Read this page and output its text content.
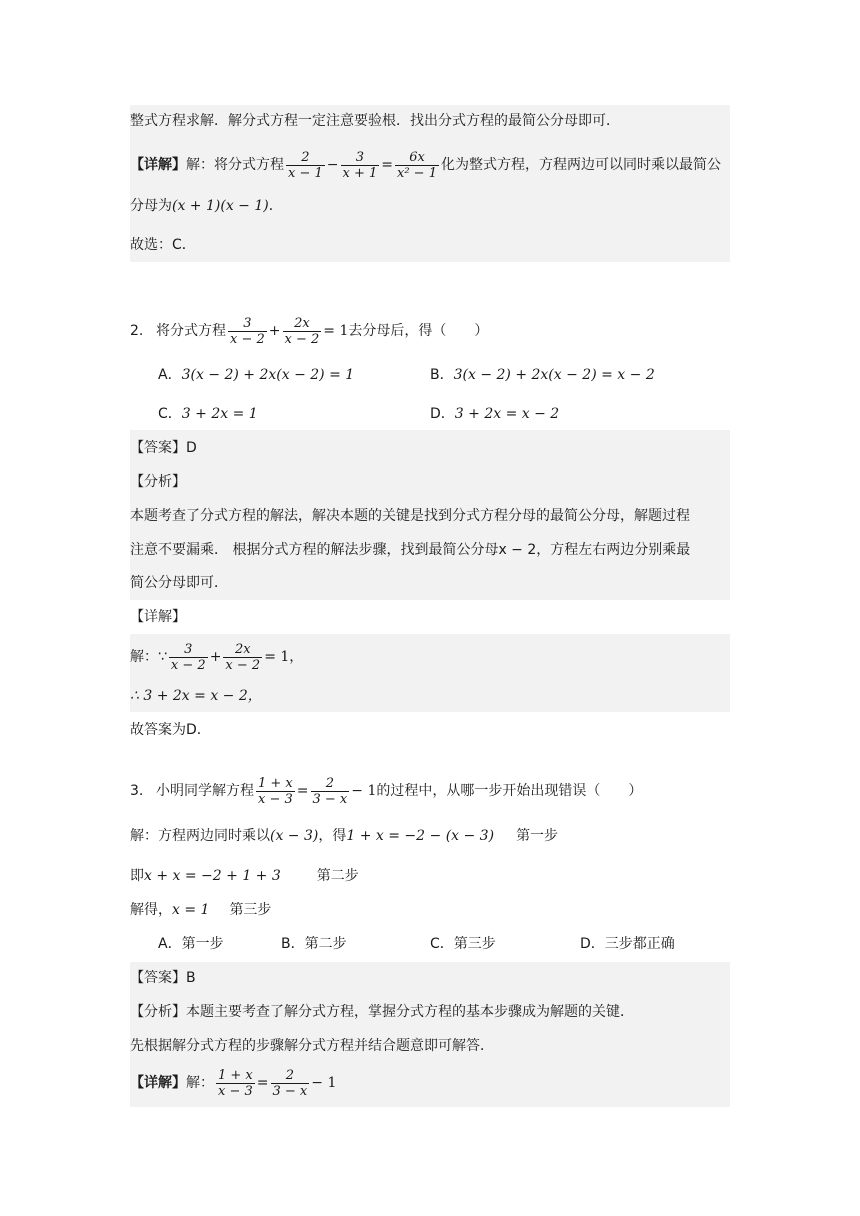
整式方程求解．解分式方程一定注意要验根．找出分式方程的最简公分母即可．
【详解】解：将分式方程 $\frac{2}{x - 1} - \frac{3}{x + 1} = \frac{6x}{\text{x² − 1}}$ 化为整式方程，方程两边可以同时乘以最简公
分母为(x + 1)(x − 1)．
故选：C．
2. 将分式方程 $\frac{3}{x - 2} + \frac{2x}{x - 2} = 1$去分母后，得（　　）
A．3(x − 2) + 2x(x − 2) = 1	B．3(x − 2) + 2x(x − 2) = x − 2
C．3 + 2x = 1	D．3 + 2x = x − 2
【答案】D
【分析】
本题考查了分式方程的解法，解决本题的关键是找到分式方程分母的最简公分母，解题过程
注意不要漏乘． 根据分式方程的解法步骤，找到最简公分母x − 2，方程左右两边分别乘最
简公分母即可．
【详解】
解：∵ $\frac{3}{x - 2} + \frac{2x}{x - 2} = 1$，
∴ 3 + 2x = x − 2，
故答案为D．
3. 小明同学解方程 $\frac{1 + x}{x - 3} = \frac{2}{3 - x} - 1$的过程中，从哪一步开始出现错误（　　）
解：方程两边同时乘以(x − 3)，得1 + x = −2 − (x − 3) 第一步
即x + x = −2 + 1 + 3	第二步
解得，x = 1 第三步
A．第一步	B．第二步	C．第三步	D．三步都正确
【答案】B
【分析】本题主要考查了解分式方程，掌握分式方程的基本步骤成为解题的关键．
先根据解分式方程的步骤解分式方程并结合题意即可解答．
【详解】解： $\frac{1 + x}{x - 3} = \frac{2}{3 - x} - 1$
